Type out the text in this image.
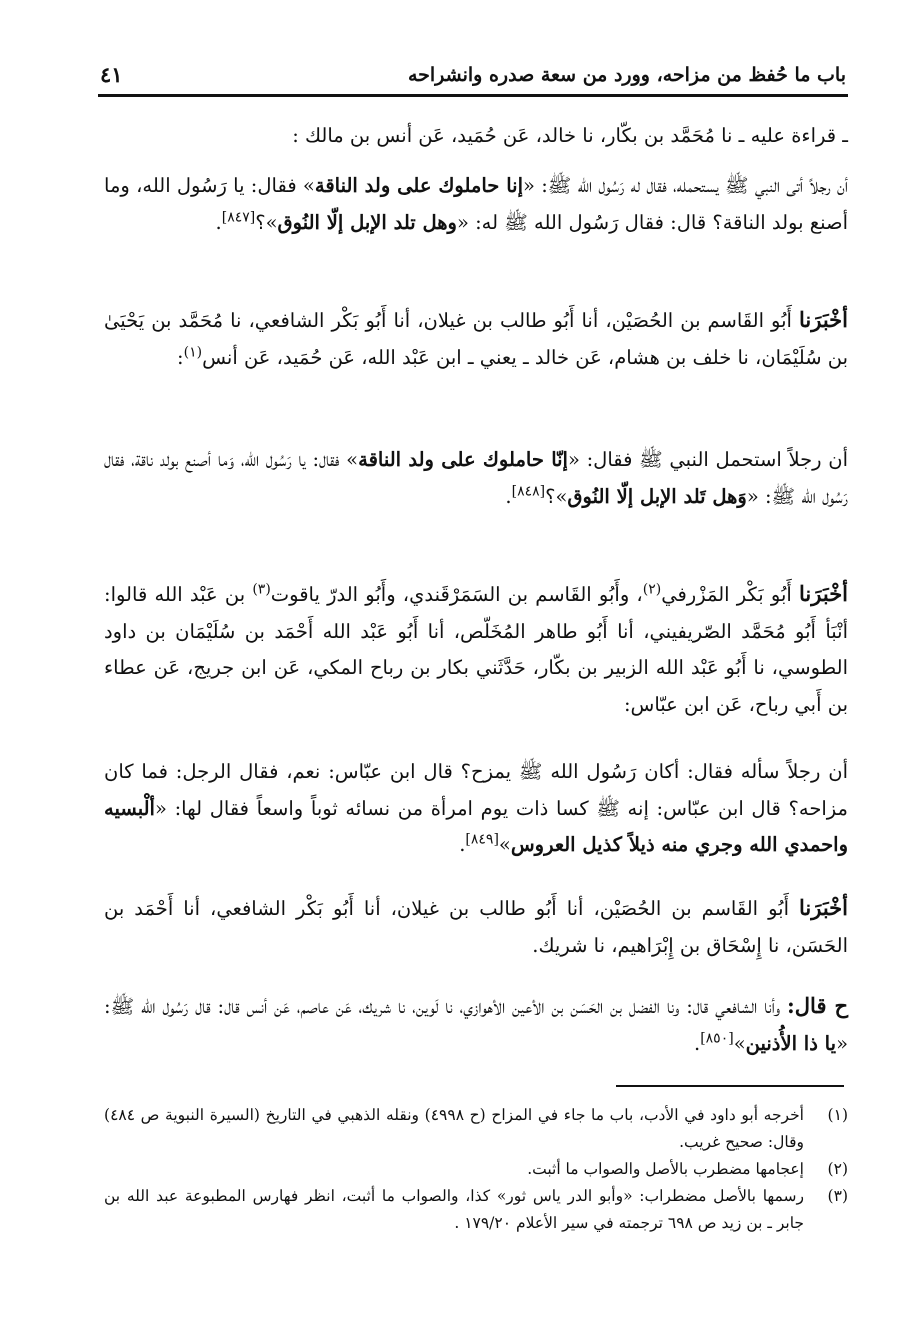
باب ما حُفظ من مزاحه، وورد من سعة صدره وانشراحه
٤١

ـ قراءة عليه ـ نا مُحَمَّد بن بكّار، نا خالد، عَن حُمَيد، عَن أنس بن مالك :

أن رجلاً أتى النبي ﷺ يستحمله، فقال له رَسُول الله ﷺ: «إنا حاملوك على ولد الناقة» فقال: يا رَسُول الله، وما أصنع بولد الناقة؟ قال: فقال رَسُول الله ﷺ له: «وهل تلد الإبل إلّا النُوق»؟[٨٤٧].

أخْبَرَنا أَبُو القَاسم بن الحُصَيْن، أنا أَبُو طالب بن غيلان، أنا أَبُو بَكْر الشافعي، نا مُحَمَّد بن يَحْيَىٰ بن سُلَيْمَان، نا خلف بن هشام، عَن خالد ـ يعني ـ ابن عَبْد الله، عَن حُمَيد، عَن أنس$^{(١)}$:

أن رجلاً استحمل النبي ﷺ فقال: «إنّا حاملوك على ولد الناقة» فقال: يا رَسُول الله، وَما أصنع بولد ناقة، فقال رَسُول الله ﷺ: «وَهل تَلد الإبل إلّا النُوق»؟[٨٤٨].

أخْبَرَنا أَبُو بَكْر المَزْرفي$^{(٢)}$، وأَبُو القَاسم بن السَمَرْقَندي، وأَبُو الدرّ ياقوت$^{(٣)}$ بن عَبْد الله قالوا: أنْبَأ أَبُو مُحَمَّد الصّريفيني، أنا أَبُو طاهر المُخَلّص، أنا أَبُو عَبْد الله أَحْمَد بن سُلَيْمَان بن داود الطوسي، نا أَبُو عَبْد الله الزبير بن بكّار، حَدَّثَني بكار بن رباح المكي، عَن ابن جريج، عَن عطاء بن أَبي رباح، عَن ابن عبّاس:

أن رجلاً سأله فقال: أكان رَسُول الله ﷺ يمزح؟ قال ابن عبّاس: نعم، فقال الرجل: فما كان مزاحه؟ قال ابن عبّاس: إنه ﷺ كسا ذات يوم امرأة من نسائه ثوباً واسعاً فقال لها: «ألْبسيه واحمدي الله وجري منه ذيلاً كذيل العروس»[٨٤٩].

أخْبَرَنا أَبُو القَاسم بن الحُصَيْن، أنا أَبُو طالب بن غيلان، أنا أَبُو بَكْر الشافعي، أنا أَحْمَد بن الحَسَن، نا إِسْحَاق بن إِبْرَاهيم، نا شريك.

ح قال: وأنا الشافعي قال: ونا الفضل بن الحَسَن بن الأعين الأهوازي، نا لَوين، نا شريك، عَن عاصم، عَن أنس قال: قال رَسُول الله ﷺ: «يا ذا الأُذنين»[٨٥٠].

(١)
أخرجه أبو داود في الأدب، باب ما جاء في المزاح (ح ٤٩٩٨) ونقله الذهبي في التاريخ (السيرة النبوية ص ٤٨٤) وقال: صحيح غريب.

(٢)
إعجامها مضطرب بالأصل والصواب ما أثبت.

(٣)
رسمها بالأصل مضطراب: «وأبو الدر ياس ثور» كذا، والصواب ما أثبت، انظر فهارس المطبوعة عبد الله بن جابر ـ بن زيد ص ٦٩٨ ترجمته في سير الأعلام ١٧٩/٢٠ .
